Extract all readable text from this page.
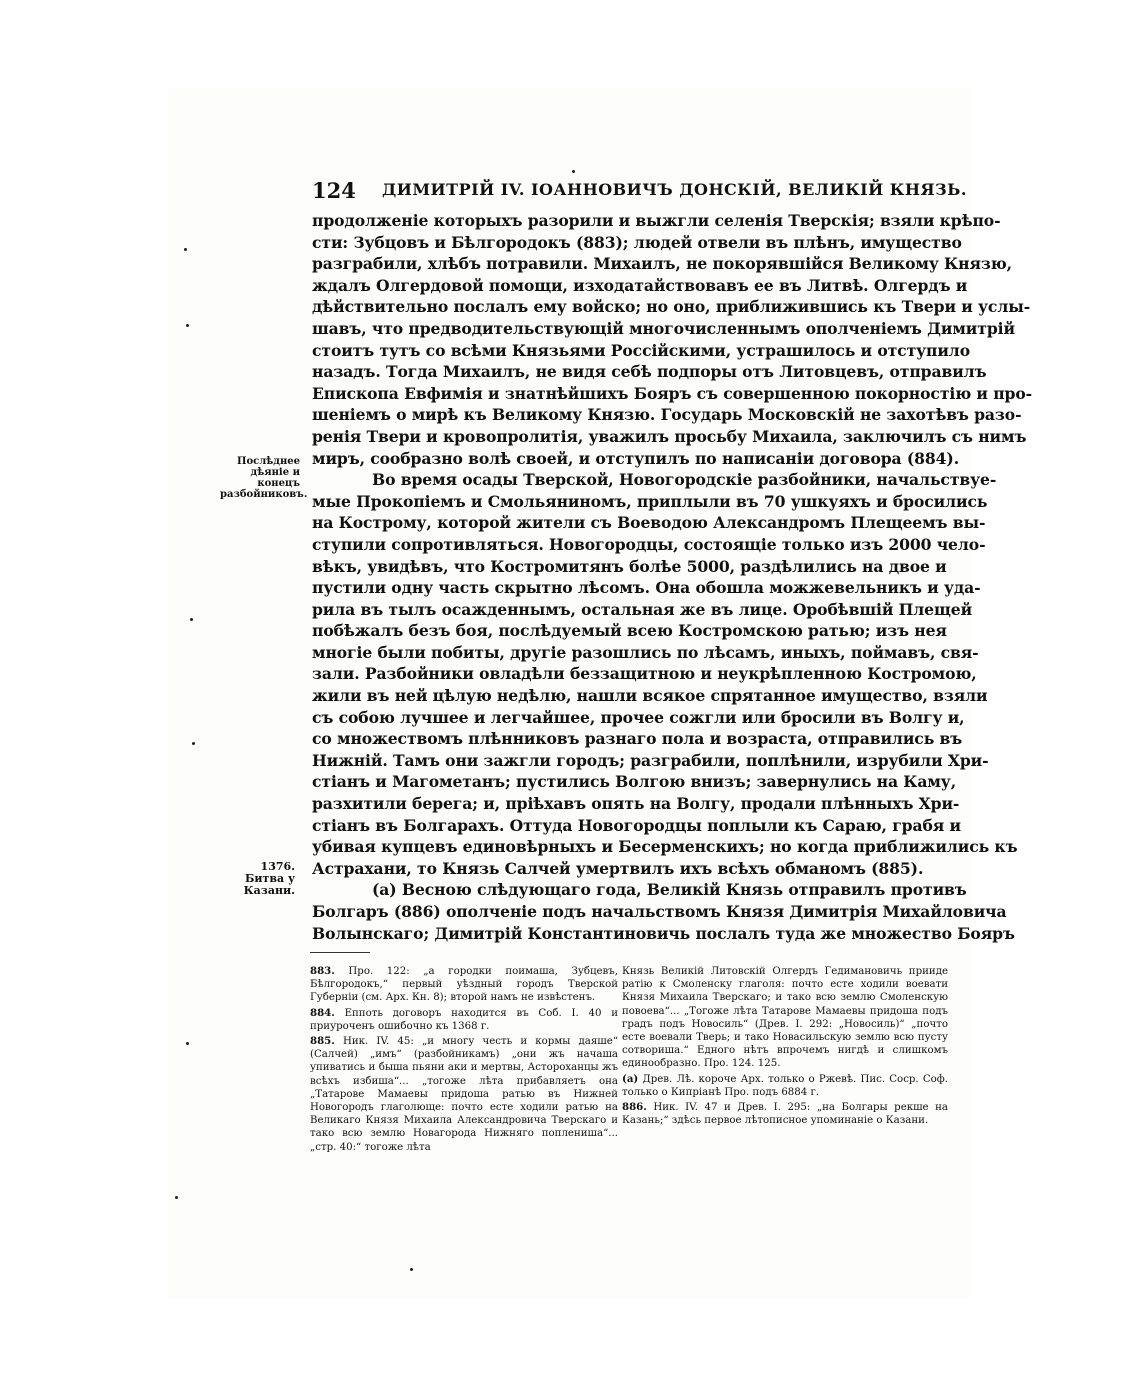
124 ДИМИТРІЙ IV. ІОАННОВИЧЪ ДОНСКІЙ, ВЕЛИКІЙ КНЯЗЬ.
Послѣднее дѣяніе и конецъ разбойниковъ.
1376.
Битва у Казани.
продолженіе которыхъ разорили и выжгли селенія Тверскія; взяли крѣпо-
сти: Зубцовъ и Бѣлгородокъ (883); людей отвели въ плѣнъ, имущество
разграбили, хлѣбъ потравили. Михаилъ, не покорявшійся Великому Князю,
ждалъ Олгердовой помощи, изходатайствовавъ ее въ Литвѣ. Олгердъ и
дѣйствительно послалъ ему войско; но оно, приближившись къ Твери и услы-
шавъ, что предводительствующій многочисленнымъ ополченіемъ Димитрій
стоитъ тутъ со всѣми Князьями Россійскими, устрашилось и отступило
назадъ. Тогда Михаилъ, не видя себѣ подпоры отъ Литовцевъ, отправилъ
Епископа Евфимія и знатнѣйшихъ Бояръ съ совершенною покорностію и про-
шеніемъ о мирѣ къ Великому Князю. Государь Московскій не захотѣвъ разо-
ренія Твери и кровопролитія, уважилъ просьбу Михаила, заключилъ съ нимъ
миръ, сообразно волѣ своей, и отступилъ по написаніи договора (884).
Во время осады Тверской, Новогородскіе разбойники, начальствуе-
мые Прокопіемъ и Смольяниномъ, приплыли въ 70 ушкуяхъ и бросились
на Кострому, которой жители съ Воеводою Александромъ Плещеемъ вы-
ступили сопротивляться. Новогородцы, состоящіе только изъ 2000 чело-
вѣкъ, увидѣвъ, что Костромитянъ болѣе 5000, раздѣлились на двое и
пустили одну часть скрытно лѣсомъ. Она обошла можжевельникъ и уда-
рила въ тылъ осажденнымъ, остальная же въ лице. Оробѣвшій Плещей
побѣжалъ безъ боя, послѣдуемый всею Костромскою ратью; изъ нея
многіе были побиты, другіе разошлись по лѣсамъ, иныхъ, поймавъ, свя-
зали. Разбойники овладѣли беззащитною и неукрѣпленною Костромою,
жили въ ней цѣлую недѣлю, нашли всякое спрятанное имущество, взяли
съ собою лучшее и легчайшее, прочее сожгли или бросили въ Волгу и,
со множествомъ плѣнниковъ разнаго пола и возраста, отправились въ
Нижній. Тамъ они зажгли городъ; разграбили, поплѣнили, изрубили Хри-
стіанъ и Магометанъ; пустились Волгою внизъ; завернулись на Каму,
разхитили берега; и, пріѣхавъ опять на Волгу, продали плѣнныхъ Хри-
стіанъ въ Болгарахъ. Оттуда Новогородцы поплыли къ Сараю, грабя и
убивая купцевъ единовѣрныхъ и Бесерменскихъ; но когда приближились къ
Астрахани, то Князь Салчей умертвилъ ихъ всѣхъ обманомъ (885).
(а) Весною слѣдующаго года, Великій Князь отправилъ противъ
Болгаръ (886) ополченіе подъ начальствомъ Князя Димитрія Михайловича
Волынскаго; Димитрій Константиновичь послалъ туда же множество Бояръ
883. Про. 122: „а городки поимаша, Зубцевъ, Бѣлгородокъ,“ первый уѣздный городъ Тверской Губерніи (см. Арх. Кн. 8); второй намъ не извѣстенъ.
884. Еппоть договоръ находится въ Соб. I. 40 и приуроченъ ошибочно къ 1368 г.
885. Ник. IV. 45: „и многу честь и кормы даяше“ (Салчей) „имъ“ (разбойникамъ) „они жъ начаша упиватись и быша пьяни аки и мертвы, Астороханцы жъ всѣхъ избиша“... „тогоже лѣта прибавляетъ она „Татарове Мамаевы придоша ратью въ Нижней Новогородъ глаголюще: почто есте ходили ратью на Великаго Князя Михаила Александровича Тверскаго и тако всю землю Новагорода Нижняго поплениша“... „стр. 40:“ тогоже лѣта
Князь Великій Литовскій Олгердъ Гедимановичь прииде ратію к Смоленску глаголя: почто есте ходили воевати Князя Михаила Тверскаго; и тако всю землю Смоленскую повоева“... „Тогоже лѣта Татарове Мамаевы придоша подъ градъ подъ Новосиль“ (Древ. I. 292: „Новосиль)“ „почто есте воевали Тверь; и тако Новасильскую землю всю пусту сотвориша.“ Едного нѣтъ впрочемъ нигдѣ и слишкомъ единообразно. Про. 124. 125.
(а) Древ. Лѣ. короче Арх. только о Ржевѣ. Пис. Соср. Соф. только о Кипріанѣ Про. подъ 6884 г.
886. Ник. IV. 47 и Древ. I. 295: „на Болгары рекше на Казань;“ здѣсь первое лѣтописное упоминаніе о Казани.
